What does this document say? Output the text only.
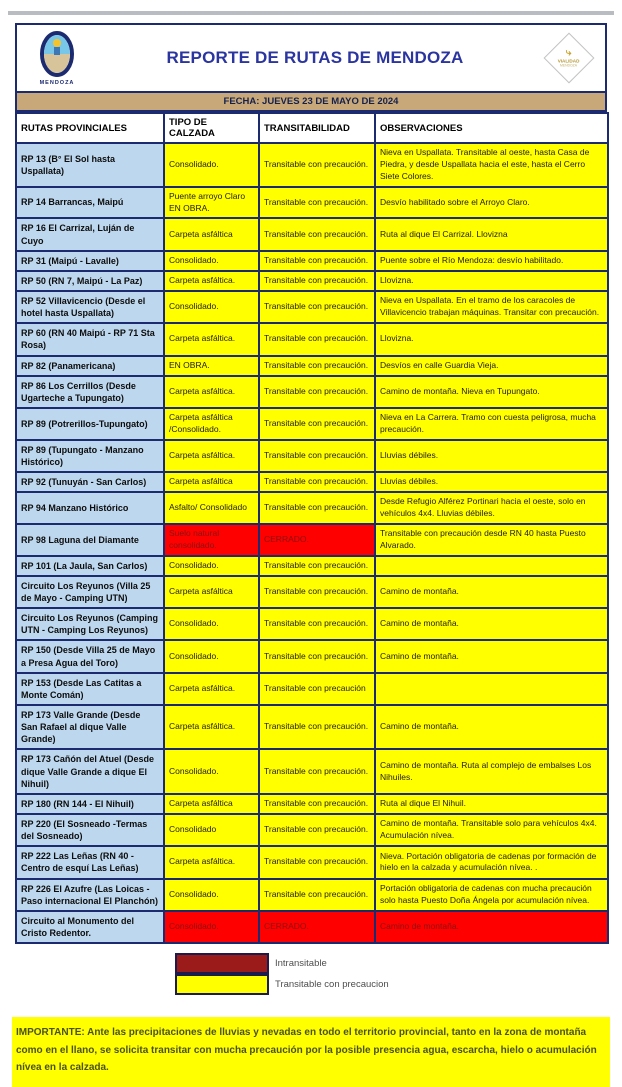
MENDOZA
REPORTE DE RUTAS DE MENDOZA	⤷
VIALIDAD
MENDOZA
FECHA: JUEVES 23 DE MAYO DE 2024
RUTAS PROVINCIALES	TIPO DE CALZADA	TRANSITABILIDAD	OBSERVACIONES
RP 13 (B° El Sol hasta Uspallata)	Consolidado.	Transitable con precaución.	Nieva en Uspallata. Transitable al oeste, hasta Casa de Piedra, y desde Uspallata hacia el este, hasta el Cerro Siete Colores.
RP 14 Barrancas, Maipú	Puente arroyo Claro EN OBRA.	Transitable con precaución.	Desvío habilitado sobre el Arroyo Claro.
RP 16 El Carrizal, Luján de Cuyo	Carpeta asfáltica	Transitable con precaución.	Ruta al dique El Carrizal. Llovizna
RP 31 (Maipú - Lavalle)	Consolidado.	Transitable con precaución.	Puente sobre el Río Mendoza: desvío habilitado.
RP 50 (RN 7, Maipú - La Paz)	Carpeta asfáltica.	Transitable con precaución.	Llovizna.
RP 52 Villavicencio (Desde el hotel hasta Uspallata)	Consolidado.	Transitable con precaución.	Nieva en Uspallata. En el tramo de los caracoles de Villavicencio trabajan máquinas. Transitar con precaución.
RP 60 (RN 40 Maipú - RP 71 Sta Rosa)	Carpeta asfáltica.	Transitable con precaución.	Llovizna.
RP 82 (Panamericana)	EN OBRA.	Transitable con precaución.	Desvíos en calle Guardia Vieja.
RP 86 Los Cerrillos (Desde Ugarteche a Tupungato)	Carpeta asfáltica.	Transitable con precaución.	Camino de montaña. Nieva en Tupungato.
RP 89 (Potrerillos-Tupungato)	Carpeta asfáltica /Consolidado.	Transitable con precaución.	Nieva en La Carrera. Tramo con cuesta peligrosa, mucha precaución.
RP 89 (Tupungato - Manzano Histórico)	Carpeta asfáltica.	Transitable con precaución.	Lluvias débiles.
RP 92 (Tunuyán - San Carlos)	Carpeta asfáltica	Transitable con precaución.	Lluvias débiles.
RP 94 Manzano Histórico	Asfalto/ Consolidado	Transitable con precaución.	Desde Refugio Alférez Portinari hacia el oeste, solo en vehículos 4x4. Lluvias débiles.
RP 98 Laguna del Diamante	Suelo natural consolidado.	CERRADO.	Transitable con precaución desde RN 40 hasta Puesto Alvarado.
RP 101 (La Jaula, San Carlos)	Consolidado.	Transitable con precaución.	
Circuito Los Reyunos (Villa 25 de Mayo - Camping UTN)	Carpeta asfáltica	Transitable con precaución.	Camino de montaña.
Circuito Los Reyunos (Camping UTN - Camping Los Reyunos)	Consolidado.	Transitable con precaución.	Camino de montaña.
RP 150 (Desde Villa 25 de Mayo a Presa Agua del Toro)	Consolidado.	Transitable con precaución.	Camino de montaña.
RP 153 (Desde Las Catitas a Monte Comán)	Carpeta asfáltica.	Transitable con precaución	
RP 173 Valle Grande (Desde San Rafael al dique Valle Grande)	Carpeta asfáltica.	Transitable con precaución.	Camino de montaña.
RP 173 Cañón del Atuel (Desde dique Valle Grande a dique El Nihuil)	Consolidado.	Transitable con precaución.	Camino de montaña. Ruta al complejo de embalses Los Nihuiles.
RP 180 (RN 144 - El Nihuil)	Carpeta asfáltica	Transitable con precaución.	Ruta al dique El Nihuil.
RP 220 (El Sosneado -Termas del Sosneado)	Consolidado	Transitable con precaución.	Camino de montaña. Transitable solo para vehículos 4x4. Acumulación nívea.
RP 222 Las Leñas (RN 40 - Centro de esquí Las Leñas)	Carpeta asfáltica.	Transitable con precaución.	Nieva. Portación obligatoria de cadenas por formación de hielo en la calzada y acumulación nívea. .
RP 226 El Azufre (Las Loicas - Paso internacional El Planchón)	Consolidado.	Transitable con precaución.	Portación obligatoria de cadenas con mucha precaución solo hasta Puesto Doña Ángela por acumulación nívea.
Circuito al Monumento del Cristo Redentor.	Consolidado.	CERRADO.	Camino de montaña.
Intransitable
Transitable con precaucion
IMPORTANTE: Ante las precipitaciones de lluvias y nevadas en todo el territorio provincial, tanto en la zona de montaña como en el llano, se solicita transitar con mucha precaución por la posible presencia agua, escarcha, hielo o acumulación nívea en la calzada.
